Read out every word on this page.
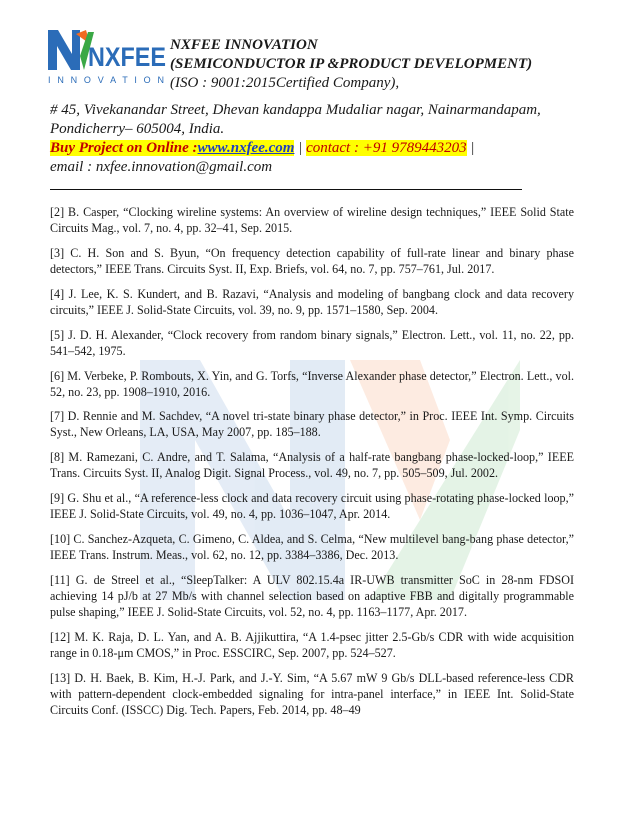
NXFEE
I N N O V A T I O N
NXFEE INNOVATION
(SEMICONDUCTOR IP &PRODUCT DEVELOPMENT)
(ISO : 9001:2015Certified Company),
# 45, Vivekanandar Street, Dhevan kandappa Mudaliar nagar, Nainarmandapam,
Pondicherry– 605004, India.
Buy Project on Online :www.nxfee.com | contact : +91 9789443203 |
email : nxfee.innovation@gmail.com

[2] B. Casper, “Clocking wireline systems: An overview of wireline design techniques,” IEEE Solid State Circuits Mag., vol. 7, no. 4, pp. 32–41, Sep. 2015.

[3] C. H. Son and S. Byun, “On frequency detection capability of full-rate linear and binary phase detectors,” IEEE Trans. Circuits Syst. II, Exp. Briefs, vol. 64, no. 7, pp. 757–761, Jul. 2017.

[4] J. Lee, K. S. Kundert, and B. Razavi, “Analysis and modeling of bangbang clock and data recovery circuits,” IEEE J. Solid-State Circuits, vol. 39, no. 9, pp. 1571–1580, Sep. 2004.

[5] J. D. H. Alexander, “Clock recovery from random binary signals,” Electron. Lett., vol. 11, no. 22, pp. 541–542, 1975.

[6] M. Verbeke, P. Rombouts, X. Yin, and G. Torfs, “Inverse Alexander phase detector,” Electron. Lett., vol. 52, no. 23, pp. 1908–1910, 2016.

[7] D. Rennie and M. Sachdev, “A novel tri-state binary phase detector,” in Proc. IEEE Int. Symp. Circuits Syst., New Orleans, LA, USA, May 2007, pp. 185–188.

[8] M. Ramezani, C. Andre, and T. Salama, “Analysis of a half-rate bangbang phase-locked-loop,” IEEE Trans. Circuits Syst. II, Analog Digit. Signal Process., vol. 49, no. 7, pp. 505–509, Jul. 2002.

[9] G. Shu et al., “A reference-less clock and data recovery circuit using phase-rotating phase-locked loop,” IEEE J. Solid-State Circuits, vol. 49, no. 4, pp. 1036–1047, Apr. 2014.

[10] C. Sanchez-Azqueta, C. Gimeno, C. Aldea, and S. Celma, “New multilevel bang-bang phase detector,” IEEE Trans. Instrum. Meas., vol. 62, no. 12, pp. 3384–3386, Dec. 2013.

[11] G. de Streel et al., “SleepTalker: A ULV 802.15.4a IR-UWB transmitter SoC in 28-nm FDSOI achieving 14 pJ/b at 27 Mb/s with channel selection based on adaptive FBB and digitally programmable pulse shaping,” IEEE J. Solid-State Circuits, vol. 52, no. 4, pp. 1163–1177, Apr. 2017.

[12] M. K. Raja, D. L. Yan, and A. B. Ajjikuttira, “A 1.4-psec jitter 2.5-Gb/s CDR with wide acquisition range in 0.18-μm CMOS,” in Proc. ESSCIRC, Sep. 2007, pp. 524–527.

[13] D. H. Baek, B. Kim, H.-J. Park, and J.-Y. Sim, “A 5.67 mW 9 Gb/s DLL-based reference-less CDR with pattern-dependent clock-embedded signaling for intra-panel interface,” in IEEE Int. Solid-State Circuits Conf. (ISSCC) Dig. Tech. Papers, Feb. 2014, pp. 48–49
